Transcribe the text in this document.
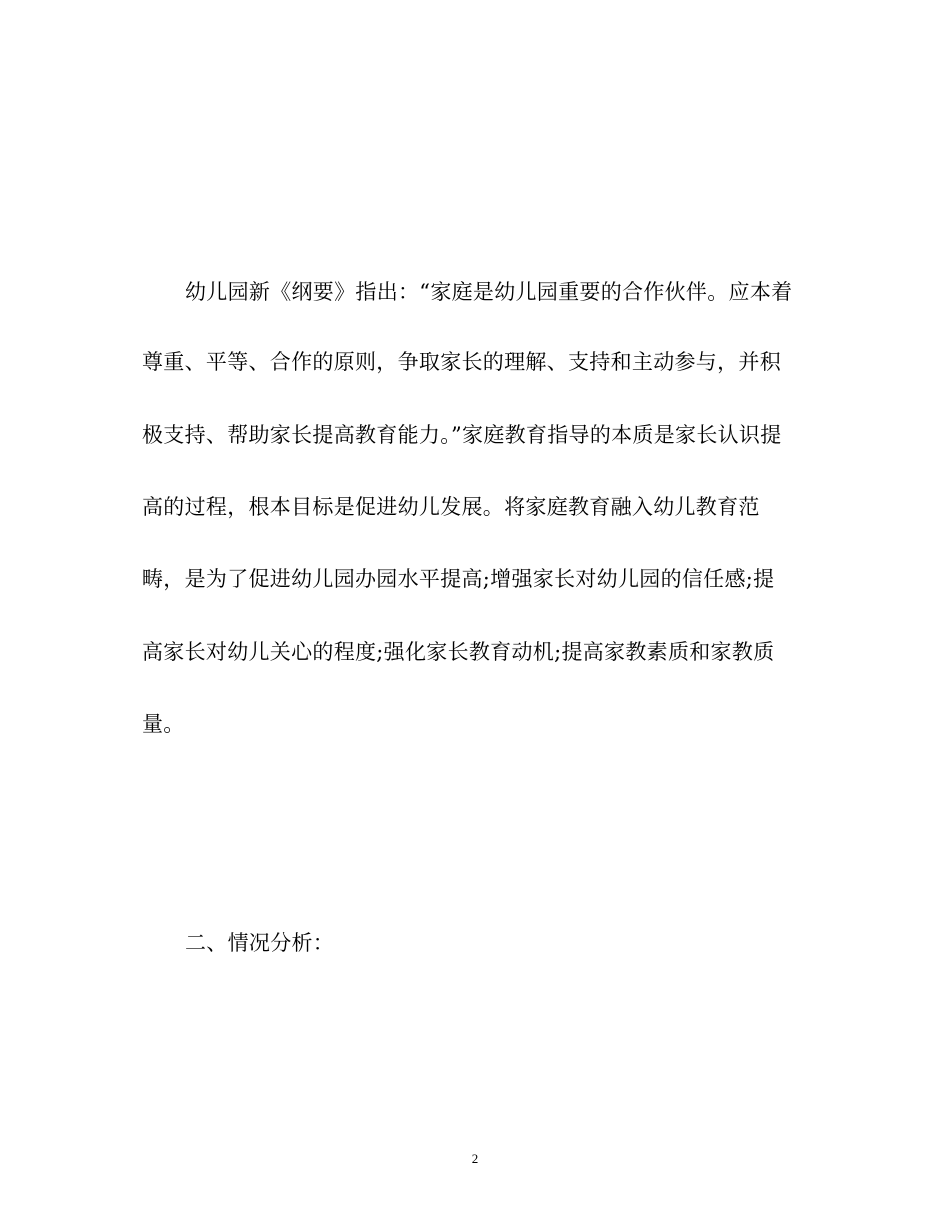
幼儿园新《纲要》指出：“家庭是幼儿园重要的合作伙伴。应本着
尊重、平等、合作的原则，争取家长的理解、支持和主动参与，并积
极支持、帮助家长提高教育能力。”家庭教育指导的本质是家长认识提
高的过程，根本目标是促进幼儿发展。将家庭教育融入幼儿教育范
畴，是为了促进幼儿园办园水平提高;增强家长对幼儿园的信任感;提
高家长对幼儿关心的程度;强化家长教育动机;提高家教素质和家教质
量。
二、情况分析：
2
